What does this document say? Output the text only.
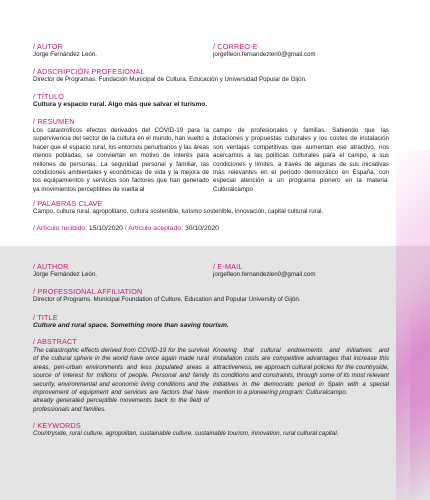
/ AUTOR
Jorge Fernández León.
/ CORREO-E
jorgefleon.fernandezlen0@gmail.com
/ ADSCRIPCIÓN PROFESIONAL
Director de Programas. Fundación Municipal de Cultura, Educación y Universidad Popular de Gijón.
/ TÍTULO
Cultura y espacio rural. Algo más que salvar el turismo.
/ RESUMEN
Los catastróficos efectos derivados del COVID-19 para la supervivencia del sector de la cultura en el mundo, han vuelto a hacer que el espacio rural, los entornos periurbanos y las áreas menos pobladas, se conviertan en motivo de interés para millones de personas. La seguridad personal y familiar, las condiciones ambientales y económicas de vida y la mejora de los equipamientos y servicios son factores que han generado ya movimientos perceptibles de vuelta al
campo de profesionales y familias. Sabiendo que las dotaciones y propuestas culturales y los costes de instalación son ventajas competitivas que aumentan ese atractivo, nos acercamos a las políticas culturales para el campo, a sus condiciones y límites, a través de algunas de sus iniciativas más relevantes en el período democrático en España, con especial atención a un programa pionero en la materia: Culturalcampo
/ PALABRAS CLAVE
Campo, cultura rural, agropolitano, cultura sostenible, turismo sostenible, innovación, capital cultural rural.
/ Artículo recibido: 15/10/2020 / Artículo aceptado: 30/10/2020
/ AUTHOR
Jorge Fernández León.
/ E-MAIL
jorgefleon.fernandezlen0@gmail.com
/ PROFESSIONAL AFFILIATION
Director of Programs. Municipal Foundation of Culture, Education and Popular University of Gijón.
/ TITLE
Culture and rural space. Something more than saving tourism.
/ ABSTRACT
The catastrophic effects derived from COVID-19 for the survival of the cultural sphere in the world have once again made rural areas, peri-urban environments and less populated areas a source of interest for millions of people. Personal and family security, environmental and economic living conditions and the improvement of equipment and services are factors that have already generated perceptible movements back to the field of professionals and families.
Knowing that cultural endowments and initiatives and installation costs are competitive advantages that increase this attractiveness, we approach cultural policies for the countryside, its conditions and constraints, through some of its most relevant initiatives in the democratic period in Spain with a special mention to a pioneering program: Culturalcampo.
/ KEYWORDS
Countryside, rural culture, agropolitan, sustainable culture, sustainable tourism, innovation, rural cultural capital.
